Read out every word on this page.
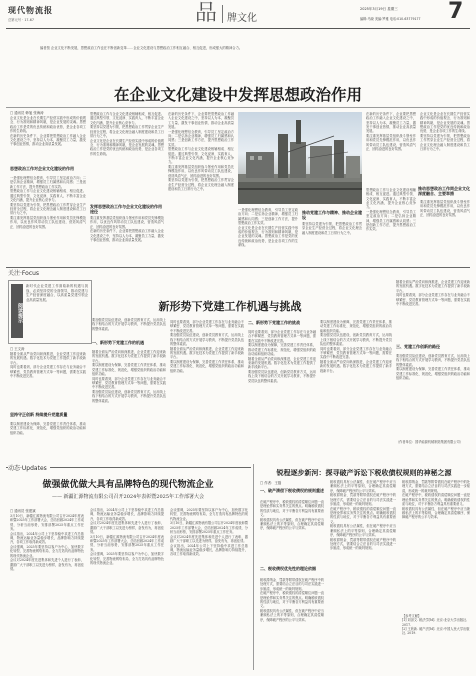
现代物流报
总第元号 · 17-67	品 牌文化
2025年3月19日 星期三
编辑:马晓 美编:罗雅 电话:010-63779177 7
编者按 企业文化不断发展，思想政治工作也在不断创新变革……企业文化建设与思想政治工作相互融合、相互促进，形成强大的精神合力。
在企业文化建设中发挥思想政治作用
□ 通讯员 韩旭 张海涛

企业文化是企业在长期生产经营实践中形成的价值观念、行为准则和精神风貌，是企业发展的灵魂。思想政治工作是党的优良传统和政治优势，是企业各项工作的生命线。

在新的历史条件下，企业要把思想政治工作融入企业文化建设之中，坚持以人为本，凝聚员工力量，激发干事创业热情，推动企业高质量发展。

思想政治工作对企业文化建设的作用

一是强化理想信念教育，引导员工坚定政治方向；二是弘扬企业精神，增强员工归属感和认同感；三是创新工作方法，提升思想政治工作实效。

思想政治工作与企业文化建设相辅相成、相互促进。通过典型引领、文化浸润、实践育人，不断丰富企业文化内涵，提升企业核心竞争力。

要坚持以党建为引领，把思想政治工作贯穿企业生产经营全过程，将企业文化理念融入制度建设和员工日常行为之中。

要注重发挥基层党组织战斗堡垒作用和党员先锋模范作用，以优良作风带动员工队伍建设，营造风清气正、团结奋进的良好氛围。

思想政治工作与企业文化建设相辅相成、相互促进。通过典型引领、文化浸润、实践育人，不断丰富企业文化内涵，提升企业核心竞争力。

要坚持以党建为引领，把思想政治工作贯穿企业生产经营全过程，将企业文化理念融入制度建设和员工日常行为之中。

企业文化是企业在长期生产经营实践中形成的价值观念、行为准则和精神风貌，是企业发展的灵魂。思想政治工作是党的优良传统和政治优势，是企业各项工作的生命线。

发挥思想政治工作与企业文化建设的作用途径

要注重发挥基层党组织战斗堡垒作用和党员先锋模范作用，以优良作风带动员工队伍建设，营造风清气正、团结奋进的良好氛围。

在新的历史条件下，企业要把思想政治工作融入企业文化建设之中，坚持以人为本，凝聚员工力量，激发干事创业热情，推动企业高质量发展。

在新的历史条件下，企业要把思想政治工作融入企业文化建设之中，坚持以人为本，凝聚员工力量，激发干事创业热情，推动企业高质量发展。

一是强化理想信念教育，引导员工坚定政治方向；二是弘扬企业精神，增强员工归属感和认同感；三是创新工作方法，提升思想政治工作实效。

思想政治工作与企业文化建设相辅相成、相互促进。通过典型引领、文化浸润、实践育人，不断丰富企业文化内涵，提升企业核心竞争力。

要注重发挥基层党组织战斗堡垒作用和党员先锋模范作用，以优良作风带动员工队伍建设，营造风清气正、团结奋进的良好氛围。

要坚持以党建为引领，把思想政治工作贯穿企业生产经营全过程，将企业文化理念融入制度建设和员工日常行为之中。

一是强化理想信念教育，引导员工坚定政治方向；二是弘扬企业精神，增强员工归属感和认同感；三是创新工作方法，提升思想政治工作实效。

企业文化是企业在长期生产经营实践中形成的价值观念、行为准则和精神风貌，是企业发展的灵魂。思想政治工作是党的优良传统和政治优势，是企业各项工作的生命线。

推动党建工作与精神、推动企业建设

要坚持以党建为引领，把思想政治工作贯穿企业生产经营全过程，将企业文化理念融入制度建设和员工日常行为之中。

在新的历史条件下，企业要把思想政治工作融入企业文化建设之中，坚持以人为本，凝聚员工力量，激发干事创业热情，推动企业高质量发展。

要注重发挥基层党组织战斗堡垒作用和党员先锋模范作用，以优良作风带动员工队伍建设，营造风清气正、团结奋进的良好氛围。

推动思想政治工作同企业文化深度融合、主要举措

思想政治工作与企业文化建设相辅相成、相互促进。通过典型引领、文化浸润、实践育人，不断丰富企业文化内涵，提升企业核心竞争力。

一是强化理想信念教育，引导员工坚定政治方向；二是弘扬企业精神，增强员工归属感和认同感；三是创新工作方法，提升思想政治工作实效。

企业文化是企业在长期生产经营实践中形成的价值观念、行为准则和精神风貌，是企业发展的灵魂。思想政治工作是党的优良传统和政治优势，是企业各项工作的生命线。

要坚持以党建为引领，把思想政治工作贯穿企业生产经营全过程，将企业文化理念融入制度建设和员工日常行为之中。

要注重发挥基层党组织战斗堡垒作用和党员先锋模范作用，以优良作风带动员工队伍建设，营造风清气正、团结奋进的良好氛围。

关注·Focus
阅读提示
新时代企业党建工作面临新的机遇与挑战，必须坚持党的全面领导，推动党建与生产经营深度融合，以高质量党建引领企业高质量发展。
新形势下党建工作机遇与挑战
□ 王文涛

随着全面从严治党向纵深推进，企业党建工作迎来新的发展机遇。数字化技术为党建工作提供了新手段新平台。

同时也要看到，部分企业党建工作存在与业务融合不够紧密、党员教育管理方式单一等问题，需要在实践中不断改进完善。

坚持守正创新 持续提升党建质量

要以制度建设为保障，完善党建工作责任体系，推动党建工作标准化、规范化，增强党组织的政治功能和组织功能。

要加强党员队伍建设，创新党员教育方式，运用线上线下相结合的方式开展学习教育，不断提升党员队伍的整体素质。

一、新形势下党建工作的机遇

随着全面从严治党向纵深推进，企业党建工作迎来新的发展机遇。数字化技术为党建工作提供了新手段新平台。

要以制度建设为保障，完善党建工作责任体系，推动党建工作标准化、规范化，增强党组织的政治功能和组织功能。

同时也要看到，部分企业党建工作存在与业务融合不够紧密、党员教育管理方式单一等问题，需要在实践中不断改进完善。

要加强党员队伍建设，创新党员教育方式，运用线上线下相结合的方式开展学习教育，不断提升党员队伍的整体素质。

同时也要看到，部分企业党建工作存在与业务融合不够紧密、党员教育管理方式单一等问题，需要在实践中不断改进完善。

要加强党员队伍建设，创新党员教育方式，运用线上线下相结合的方式开展学习教育，不断提升党员队伍的整体素质。

随着全面从严治党向纵深推进，企业党建工作迎来新的发展机遇。数字化技术为党建工作提供了新手段新平台。

要以制度建设为保障，完善党建工作责任体系，推动党建工作标准化、规范化，增强党组织的政治功能和组织功能。

二、新形势下党建工作的挑战

同时也要看到，部分企业党建工作存在与业务融合不够紧密、党员教育管理方式单一等问题，需要在实践中不断改进完善。

要以制度建设为保障，完善党建工作责任体系，推动党建工作标准化、规范化，增强党组织的政治功能和组织功能。

随着全面从严治党向纵深推进，企业党建工作迎来新的发展机遇。数字化技术为党建工作提供了新手段新平台。

要加强党员队伍建设，创新党员教育方式，运用线上线下相结合的方式开展学习教育，不断提升党员队伍的整体素质。

要以制度建设为保障，完善党建工作责任体系，推动党建工作标准化、规范化，增强党组织的政治功能和组织功能。

要加强党员队伍建设，创新党员教育方式，运用线上线下相结合的方式开展学习教育，不断提升党员队伍的整体素质。

同时也要看到，部分企业党建工作存在与业务融合不够紧密、党员教育管理方式单一等问题，需要在实践中不断改进完善。

随着全面从严治党向纵深推进，企业党建工作迎来新的发展机遇。数字化技术为党建工作提供了新手段新平台。

三、党建工作创新的路径

随着全面从严治党向纵深推进，企业党建工作迎来新的发展机遇。数字化技术为党建工作提供了新手段新平台。

同时也要看到，部分企业党建工作存在与业务融合不够紧密、党员教育管理方式单一等问题，需要在实践中不断改进完善。

要加强党员队伍建设，创新党员教育方式，运用线上线下相结合的方式开展学习教育，不断提升党员队伍的整体素质。

要以制度建设为保障，完善党建工作责任体系，推动党建工作标准化、规范化，增强党组织的政治功能和组织功能。

（作者单位：国华能源机械制造集团有限公司）
动态·Updates
做强做优做大具有品牌特色的现代物流企业
—— 新疆汇源物流有限公司召开2024年表彰暨2025年工作部署大会
□ 通讯员 张建斌

3月10日，新疆汇源物流有限公司召开2024年度表彰暨2025年工作部署大会，总结回顾2024年工作成绩，分析当前形势，安排部署2025年重点工作任务。

会议指出，2024年公司上下坚持稳中求进工作总基调，物流运输业务量稳步增长，品牌影响力持续提升，各项工作取得新成效。

会议强调，2025年要坚持以客户为中心，加快数字化转型，完善物流网络布局，全力打造具有品牌特色的现代物流企业。

会议对2024年度先进集体和先进个人进行了表彰，激励广大干部职工以先进为榜样，奋发有为，再创佳绩。

会议指出，2024年公司上下坚持稳中求进工作总基调，物流运输业务量稳步增长，品牌影响力持续提升，各项工作取得新成效。

会议对2024年度先进集体和先进个人进行了表彰，激励广大干部职工以先进为榜样，奋发有为，再创佳绩。

3月10日，新疆汇源物流有限公司召开2024年度表彰暨2025年工作部署大会，总结回顾2024年工作成绩，分析当前形势，安排部署2025年重点工作任务。

会议强调，2025年要坚持以客户为中心，加快数字化转型，完善物流网络布局，全力打造具有品牌特色的现代物流企业。

会议强调，2025年要坚持以客户为中心，加快数字化转型，完善物流网络布局，全力打造具有品牌特色的现代物流企业。

3月10日，新疆汇源物流有限公司召开2024年度表彰暨2025年工作部署大会，总结回顾2024年工作成绩，分析当前形势，安排部署2025年重点工作任务。

会议对2024年度先进集体和先进个人进行了表彰，激励广大干部职工以先进为榜样，奋发有为，再创佳绩。

会议指出，2024年公司上下坚持稳中求进工作总基调，物流运输业务量稳步增长，品牌影响力持续提升，各项工作取得新成效。

锐程逐步新河：探寻破产诉讼下税收债权规则的神秘之源
□ 作者：王磊
一、破产清偿下税收债权的规则重述

在破产程序中，税收债权的清偿顺位问题一直是理论界和实务界关注的焦点。明确税收债权的性质与地位，对于平衡各方利益具有重要意义。

税收债权具有公法属性，但在破产程序中应当兼顾私法上的平等原则，合理确定其清偿顺序，保障破产程序的公平与效率。

二、税收债权优先性的理论依据

税收滞纳金、罚款等附带债权在破产程序中的处理方式，需要结合立法目的与司法实践进一步厘清，形成统一的裁判规则。

在破产程序中，税收债权的清偿顺位问题一直是理论界和实务界关注的焦点。明确税收债权的性质与地位，对于平衡各方利益具有重要意义。

税收债权具有公法属性，但在破产程序中应当兼顾私法上的平等原则，合理确定其清偿顺序，保障破产程序的公平与效率。

税收债权具有公法属性，但在破产程序中应当兼顾私法上的平等原则，合理确定其清偿顺序，保障破产程序的公平与效率。

税收滞纳金、罚款等附带债权在破产程序中的处理方式，需要结合立法目的与司法实践进一步厘清，形成统一的裁判规则。

在破产程序中，税收债权的清偿顺位问题一直是理论界和实务界关注的焦点。明确税收债权的性质与地位，对于平衡各方利益具有重要意义。

税收债权具有公法属性，但在破产程序中应当兼顾私法上的平等原则，合理确定其清偿顺序，保障破产程序的公平与效率。

税收滞纳金、罚款等附带债权在破产程序中的处理方式，需要结合立法目的与司法实践进一步厘清，形成统一的裁判规则。

税收滞纳金、罚款等附带债权在破产程序中的处理方式，需要结合立法目的与司法实践进一步厘清，形成统一的裁判规则。

在破产程序中，税收债权的清偿顺位问题一直是理论界和实务界关注的焦点。明确税收债权的性质与地位，对于平衡各方利益具有重要意义。

税收债权具有公法属性，但在破产程序中应当兼顾私法上的平等原则，合理确定其清偿顺序，保障破产程序的公平与效率。

【参考文献】
[1] 刘剑文. 税法学[M]. 北京:北京大学出版社, 2017.
[2] 王欣新. 破产法[M]. 北京:中国人民大学出版社, 2019.
